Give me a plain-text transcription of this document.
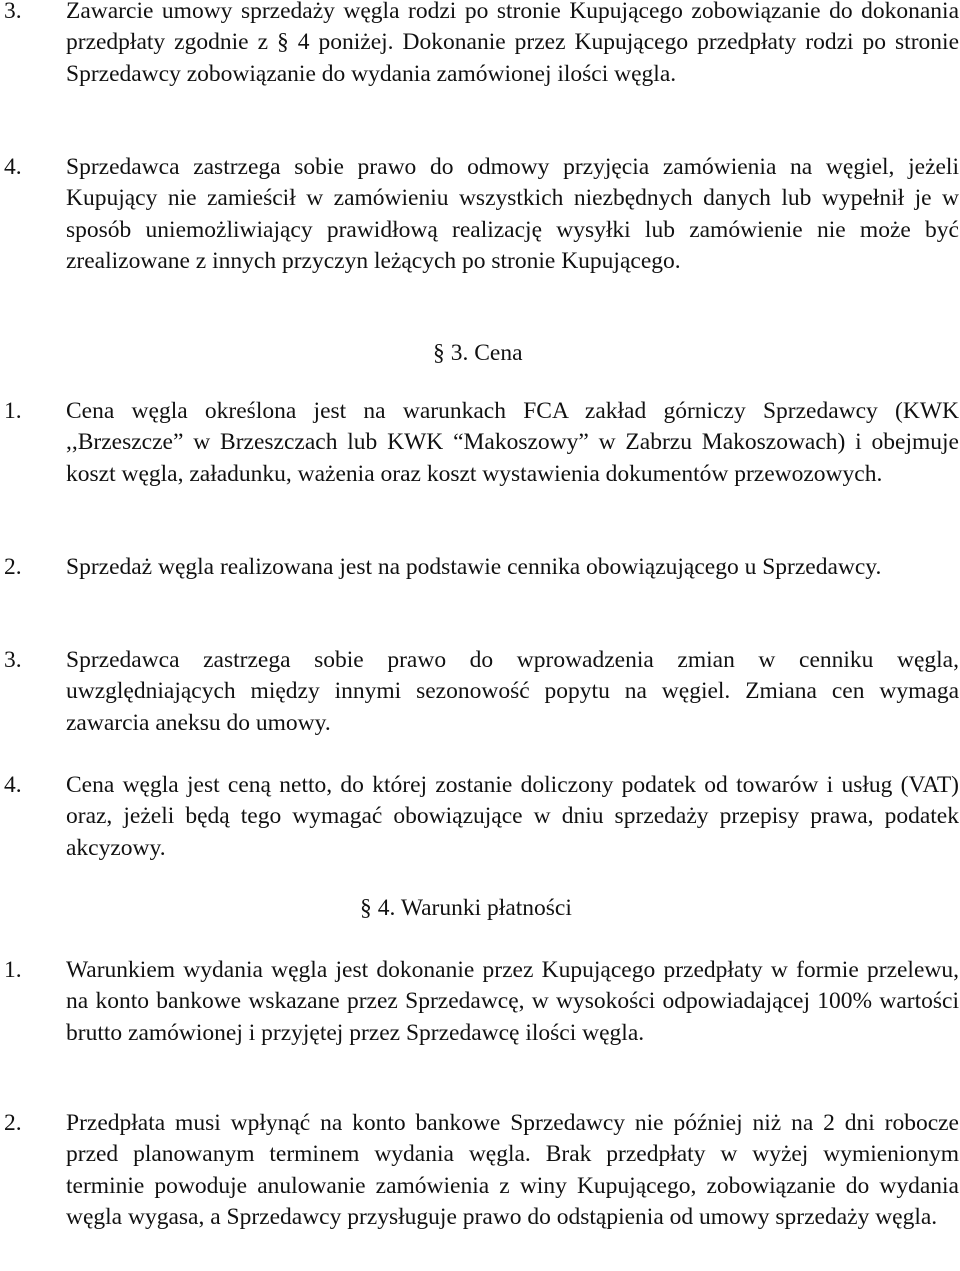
3.	Zawarcie umowy sprzedaży węgla rodzi po stronie Kupującego zobowiązanie do dokonania przedpłaty zgodnie z § 4 poniżej. Dokonanie przez Kupującego przedpłaty rodzi po stronie Sprzedawcy zobowiązanie do wydania zamówionej ilości węgla.
4.	Sprzedawca zastrzega sobie prawo do odmowy przyjęcia zamówienia na węgiel, jeżeli Kupujący nie zamieścił w zamówieniu wszystkich niezbędnych danych lub wypełnił je w sposób uniemożliwiający prawidłową realizację wysyłki lub zamówienie nie może być zrealizowane z innych przyczyn leżących po stronie Kupującego.
§ 3. Cena
1.	Cena węgla określona jest na warunkach FCA zakład górniczy Sprzedawcy (KWK ,,Brzeszcze” w Brzeszczach lub KWK “Makoszowy” w Zabrzu Makoszowach) i obejmuje koszt węgla, załadunku, ważenia oraz koszt wystawienia dokumentów przewozowych.
2.	Sprzedaż węgla realizowana jest na podstawie cennika obowiązującego u Sprzedawcy.
3.	Sprzedawca zastrzega sobie prawo do wprowadzenia zmian w cenniku węgla, uwzględniających między innymi sezonowość popytu na węgiel. Zmiana cen wymaga zawarcia aneksu do umowy.
4.	Cena węgla jest ceną netto, do której zostanie doliczony podatek od towarów i usług (VAT) oraz, jeżeli będą tego wymagać obowiązujące w dniu sprzedaży przepisy prawa, podatek akcyzowy.
§ 4. Warunki płatności
1.	Warunkiem wydania węgla jest dokonanie przez Kupującego przedpłaty w formie przelewu, na konto bankowe wskazane przez Sprzedawcę, w wysokości odpowiadającej 100% wartości brutto zamówionej i przyjętej przez Sprzedawcę ilości węgla.
2.	Przedpłata musi wpłynąć na konto bankowe Sprzedawcy nie później niż na 2 dni robocze przed planowanym terminem wydania węgla. Brak przedpłaty w wyżej wymienionym terminie powoduje anulowanie zamówienia z winy Kupującego, zobowiązanie do wydania węgla wygasa, a Sprzedawcy przysługuje prawo do odstąpienia od umowy sprzedaży węgla.
